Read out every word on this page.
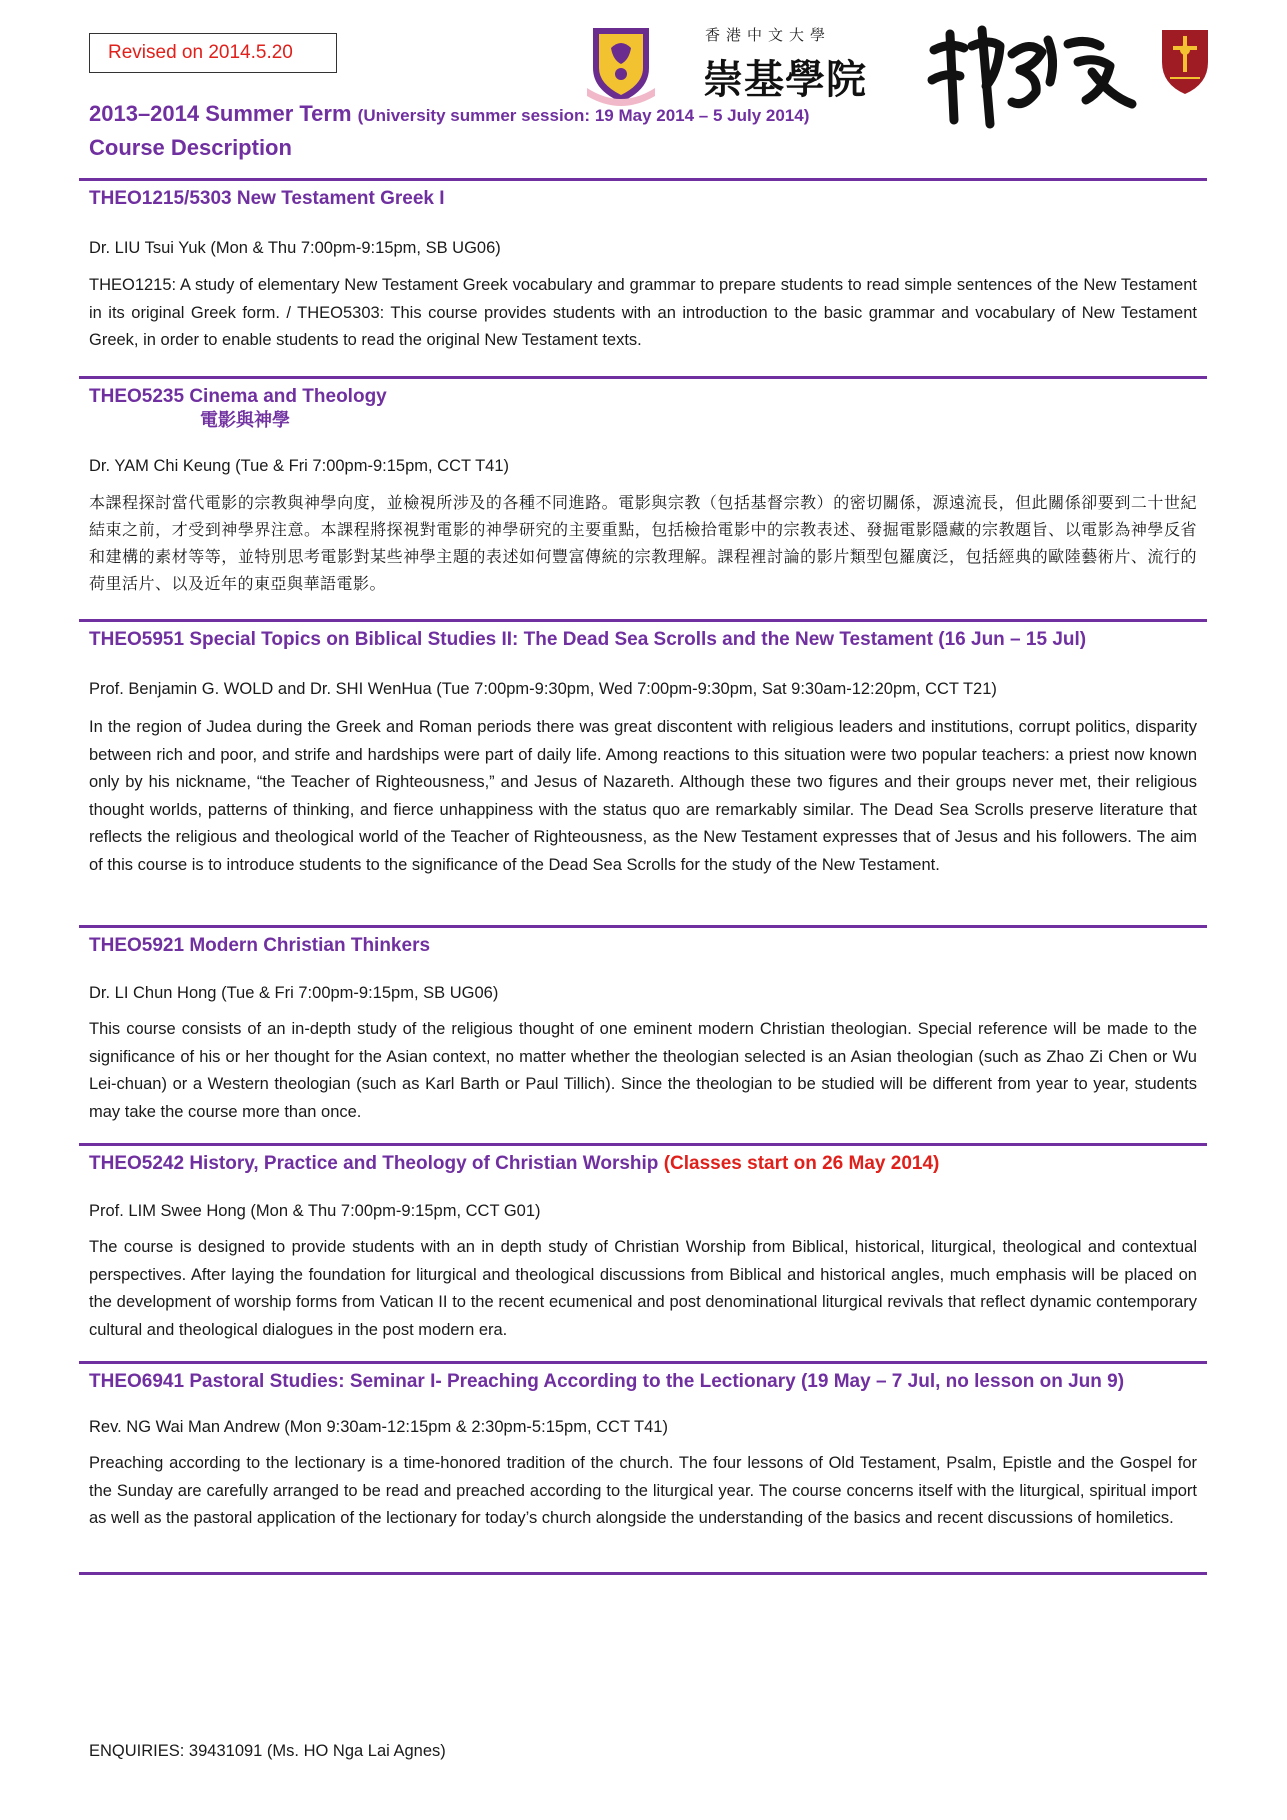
Revised on 2014.5.20
香港中文大學
崇基學院
2013–2014 Summer Term (University summer session: 19 May 2014 – 5 July 2014)
Course Description
THEO1215/5303 New Testament Greek I
Dr. LIU Tsui Yuk (Mon & Thu 7:00pm-9:15pm, SB UG06)
THEO1215: A study of elementary New Testament Greek vocabulary and grammar to prepare students to read simple sentences of the New Testament in its original Greek form. / THEO5303: This course provides students with an introduction to the basic grammar and vocabulary of New Testament Greek, in order to enable students to read the original New Testament texts.
THEO5235 Cinema and Theology
電影與神學
Dr. YAM Chi Keung (Tue & Fri 7:00pm-9:15pm, CCT T41)
本課程探討當代電影的宗教與神學向度，並檢視所涉及的各種不同進路。電影與宗教（包括基督宗教）的密切關係，源遠流長，但此關係卻要到二十世紀結束之前，才受到神學界注意。本課程將探視對電影的神學研究的主要重點，包括檢拾電影中的宗教表述、發掘電影隱藏的宗教題旨、以電影為神學反省和建構的素材等等，並特別思考電影對某些神學主題的表述如何豐富傳統的宗教理解。課程裡討論的影片類型包羅廣泛，包括經典的歐陸藝術片、流行的荷里活片、以及近年的東亞與華語電影。
THEO5951 Special Topics on Biblical Studies II: The Dead Sea Scrolls and the New Testament (16 Jun – 15 Jul)
Prof. Benjamin G. WOLD and Dr. SHI WenHua (Tue 7:00pm-9:30pm, Wed 7:00pm-9:30pm, Sat 9:30am-12:20pm, CCT T21)
In the region of Judea during the Greek and Roman periods there was great discontent with religious leaders and institutions, corrupt politics, disparity between rich and poor, and strife and hardships were part of daily life. Among reactions to this situation were two popular teachers: a priest now known only by his nickname, “the Teacher of Righteousness,” and Jesus of Nazareth. Although these two figures and their groups never met, their religious thought worlds, patterns of thinking, and fierce unhappiness with the status quo are remarkably similar. The Dead Sea Scrolls preserve literature that reflects the religious and theological world of the Teacher of Righteousness, as the New Testament expresses that of Jesus and his followers. The aim of this course is to introduce students to the significance of the Dead Sea Scrolls for the study of the New Testament.
THEO5921 Modern Christian Thinkers
Dr. LI Chun Hong (Tue & Fri 7:00pm-9:15pm, SB UG06)
This course consists of an in-depth study of the religious thought of one eminent modern Christian theologian. Special reference will be made to the significance of his or her thought for the Asian context, no matter whether the theologian selected is an Asian theologian (such as Zhao Zi Chen or Wu Lei-chuan) or a Western theologian (such as Karl Barth or Paul Tillich). Since the theologian to be studied will be different from year to year, students may take the course more than once.
THEO5242 History, Practice and Theology of Christian Worship (Classes start on 26 May 2014)
Prof. LIM Swee Hong (Mon & Thu 7:00pm-9:15pm, CCT G01)
The course is designed to provide students with an in depth study of Christian Worship from Biblical, historical, liturgical, theological and contextual perspectives. After laying the foundation for liturgical and theological discussions from Biblical and historical angles, much emphasis will be placed on the development of worship forms from Vatican II to the recent ecumenical and post denominational liturgical revivals that reflect dynamic contemporary cultural and theological dialogues in the post modern era.
THEO6941 Pastoral Studies: Seminar I- Preaching According to the Lectionary (19 May – 7 Jul, no lesson on Jun 9)
Rev. NG Wai Man Andrew (Mon 9:30am-12:15pm & 2:30pm-5:15pm, CCT T41)
Preaching according to the lectionary is a time-honored tradition of the church. The four lessons of Old Testament, Psalm, Epistle and the Gospel for the Sunday are carefully arranged to be read and preached according to the liturgical year. The course concerns itself with the liturgical, spiritual import as well as the pastoral application of the lectionary for today’s church alongside the understanding of the basics and recent discussions of homiletics.
ENQUIRIES: 39431091 (Ms. HO Nga Lai Agnes)
